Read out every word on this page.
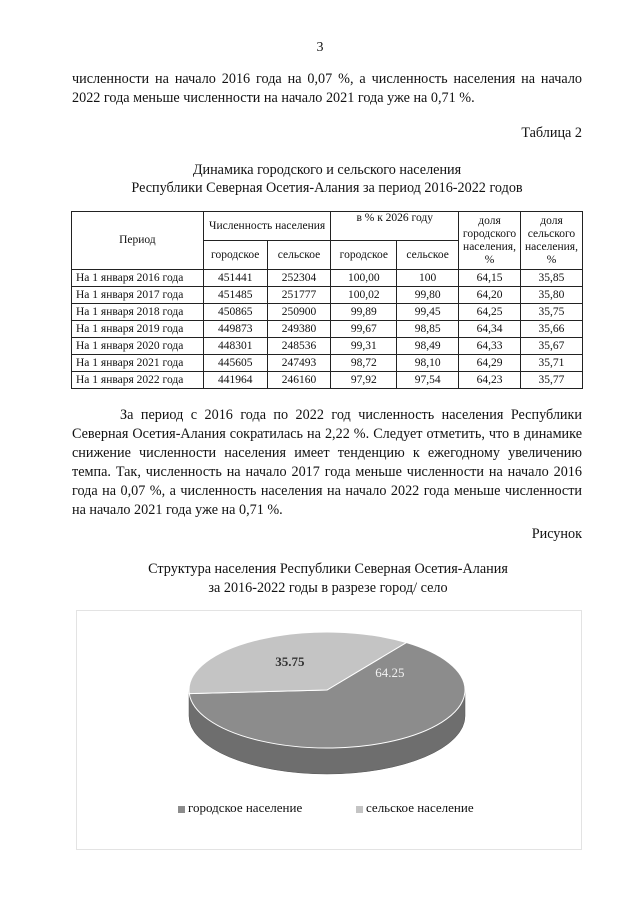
3
численности на начало 2016 года на 0,07 %, а численность населения на начало 2022 года меньше численности на начало 2021 года уже на 0,71 %.
Таблица 2
Динамика городского и сельского населения
Республики Северная Осетия-Алания за период 2016-2022 годов
Период	Численность населения		в % к 2026 году		доля городского населения, %	доля сельского населения, %
	городское	сельское	городское	сельское		
На 1 января 2016 года	451441	252304	100,00	100	64,15	35,85
На 1 января 2017 года	451485	251777	100,02	99,80	64,20	35,80
На 1 января 2018 года	450865	250900	99,89	99,45	64,25	35,75
На 1 января 2019 года	449873	249380	99,67	98,85	64,34	35,66
На 1 января 2020 года	448301	248536	99,31	98,49	64,33	35,67
На 1 января 2021 года	445605	247493	98,72	98,10	64,29	35,71
На 1 января 2022 года	441964	246160	97,92	97,54	64,23	35,77
За период с 2016 года по 2022 год численность населения Республики Северная Осетия-Алания сократилась на 2,22 %. Следует отметить, что в динамике снижение численности населения имеет тенденцию к ежегодному увеличению темпа. Так, численность на начало 2017 года меньше численности на начало 2016 года на 0,07 %, а численность населения на начало 2022 года меньше численности на начало 2021 года уже на 0,71 %.
Рисунок
Структура населения Республики Северная Осетия-Алания
за 2016-2022 годы в разрезе город/ село
35.75
64.25
городское население	сельское население
